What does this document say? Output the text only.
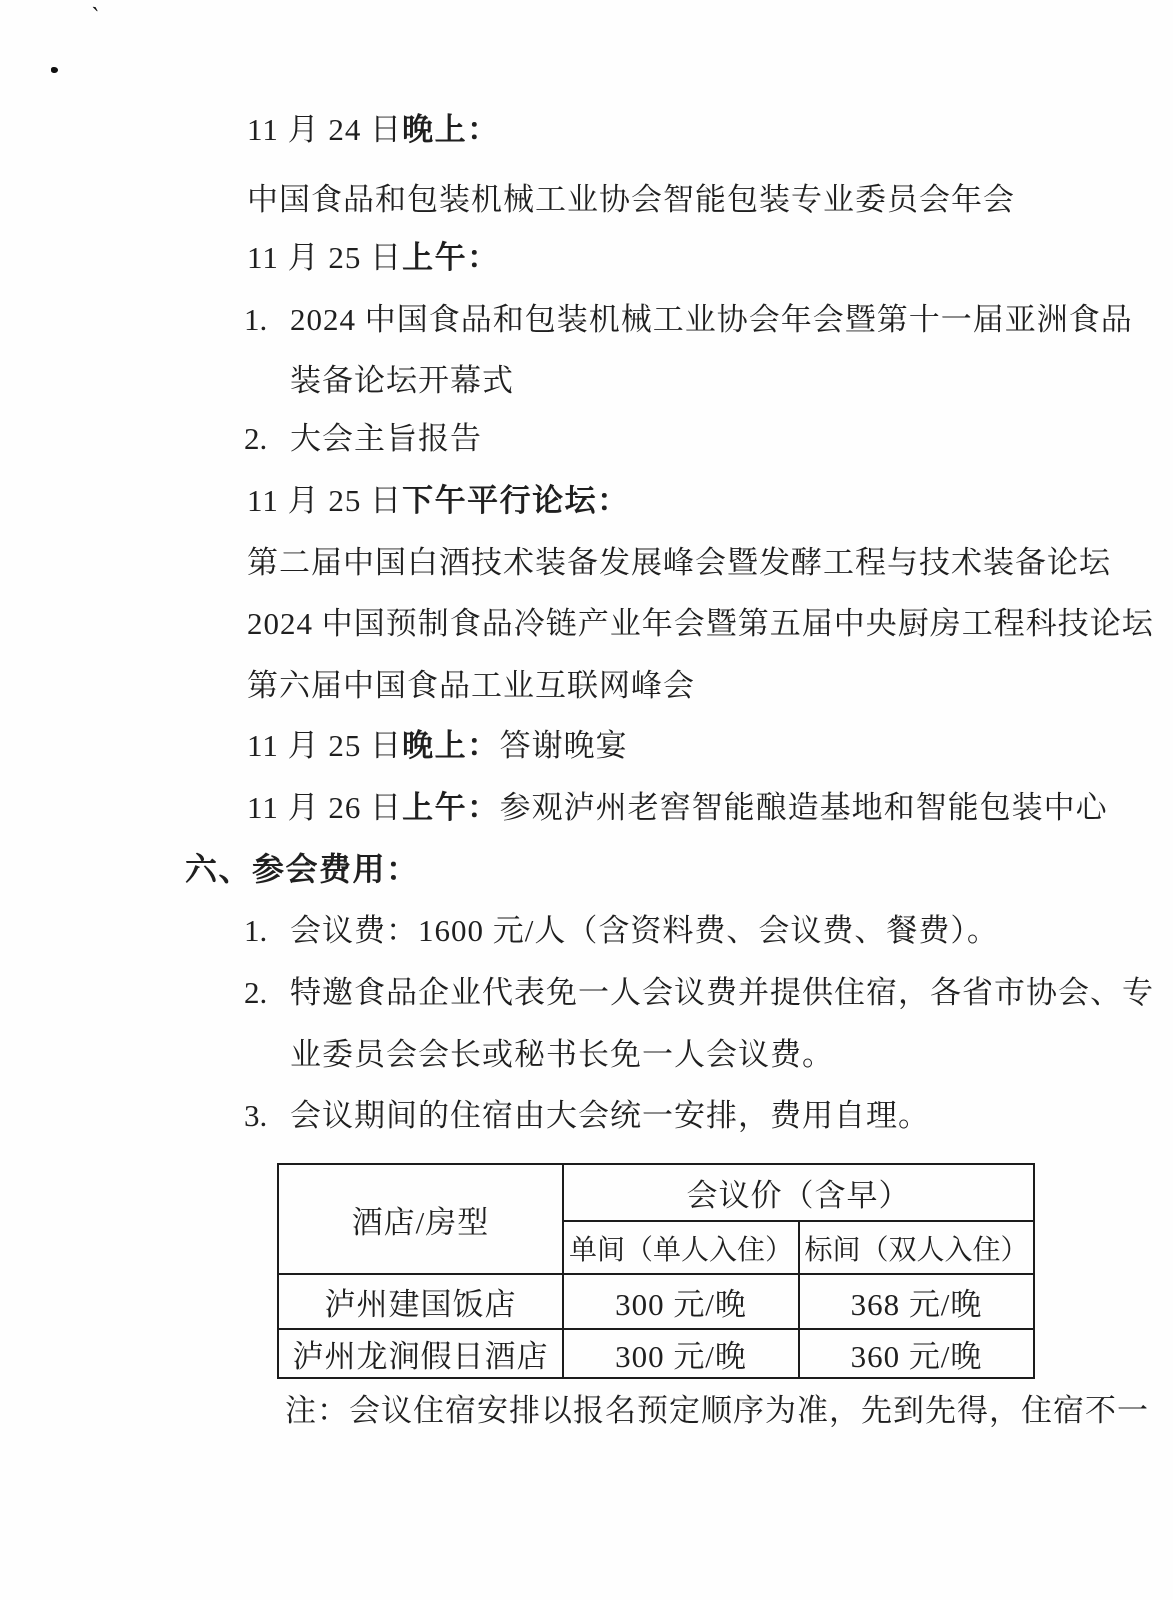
`
11 月 24 日晚上：
中国食品和包装机械工业协会智能包装专业委员会年会
11 月 25 日上午：
1. 2024 中国食品和包装机械工业协会年会暨第十一届亚洲食品
装备论坛开幕式
2. 大会主旨报告
11 月 25 日下午平行论坛：
第二届中国白酒技术装备发展峰会暨发酵工程与技术装备论坛
2024 中国预制食品冷链产业年会暨第五届中央厨房工程科技论坛
第六届中国食品工业互联网峰会
11 月 25 日晚上：答谢晚宴
11 月 26 日上午：参观泸州老窖智能酿造基地和智能包装中心
六、参会费用：
1. 会议费：1600 元/人（含资料费、会议费、餐费）。
2. 特邀食品企业代表免一人会议费并提供住宿，各省市协会、专
业委员会会长或秘书长免一人会议费。
3. 会议期间的住宿由大会统一安排，费用自理。
酒店/房型	会议价（含早）	
	单间（单人入住）	标间（双人入住）
泸州建国饭店	300 元/晚	368 元/晚
泸州龙涧假日酒店	300 元/晚	360 元/晚
注：会议住宿安排以报名预定顺序为准，先到先得，住宿不一
